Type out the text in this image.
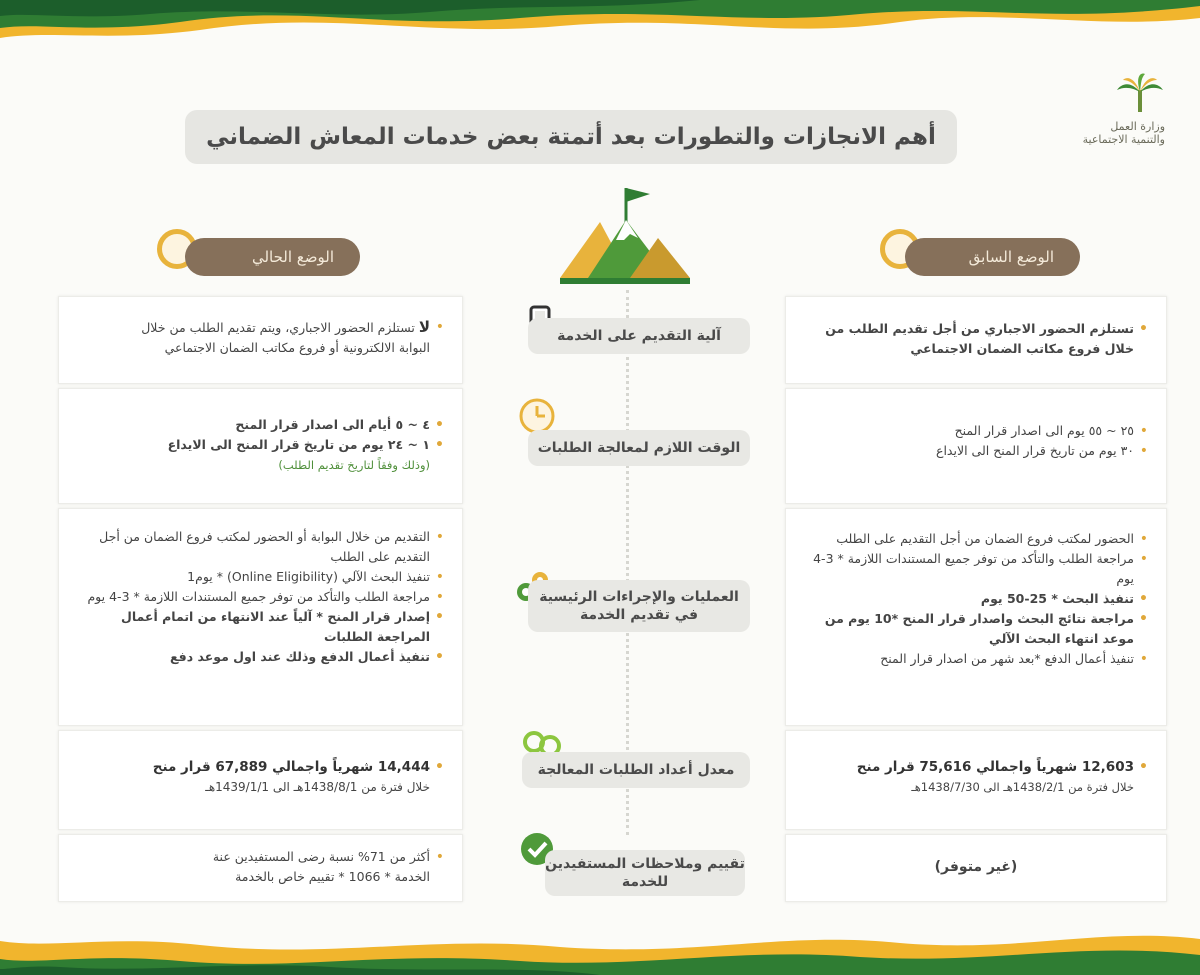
وزارة العمل
والتنمية الاجتماعية
أهم الانجازات والتطورات بعد أتمتة بعض خدمات المعاش الضماني
الوضع السابق
الوضع الحالي
آلية التقديم على الخدمة
الوقت اللازم لمعالجة الطلبات
العمليات والإجراءات الرئيسية في تقديم الخدمة
معدل أعداد الطلبات المعالجة
تقييم وملاحظات المستفيدين للخدمة
• تستلزم الحضور الاجباري من أجل تقديم الطلب من خلال فروع مكاتب الضمان الاجتماعي
• ٢٥ ~ ٥٥ يوم الى اصدار قرار المنح
• ٣٠ يوم من تاريخ قرار المنح الى الايداع
• الحضور لمكتب فروع الضمان من أجل التقديم على الطلب
• مراجعة الطلب والتأكد من توفر جميع المستندات اللازمة * 3-4 يوم
• تنفيذ البحث * 25-50 يوم
• مراجعة نتائج البحث واصدار قرار المنح *10 يوم من موعد انتهاء البحث الآلي
• تنفيذ أعمال الدفع *بعد شهر من اصدار قرار المنح
• 12,603 شهرياً واجمالي 75,616 قرار منح
خلال فترة من 1438/2/1هـ الى 1438/7/30هـ
(غير متوفر)
• لا تستلزم الحضور الاجباري، ويتم تقديم الطلب من خلال
البوابة الالكترونية أو فروع مكاتب الضمان الاجتماعي
• ٤ ~ ٥ أيام الى اصدار قرار المنح
• ١ ~ ٢٤ يوم من تاريخ قرار المنح الى الايداع
(وذلك وفقاً لتاريخ تقديم الطلب)
• التقديم من خلال البوابة أو الحضور لمكتب فروع الضمان من أجل التقديم على الطلب
• تنفيذ البحث الآلي (Online Eligibility) * يوم1
• مراجعة الطلب والتأكد من توفر جميع المستندات اللازمة * 3-4 يوم
• إصدار قرار المنح * آلياً عند الانتهاء من اتمام أعمال المراجعة الطلبات
• تنفيذ أعمال الدفع وذلك عند اول موعد دفع
• 14,444 شهرياً واجمالي 67,889 قرار منح
خلال فترة من 1438/8/1هـ الى 1439/1/1هـ
• أكثر من 71% نسبة رضى المستفيدين عنة
الخدمة * 1066 * تقييم خاص بالخدمة
